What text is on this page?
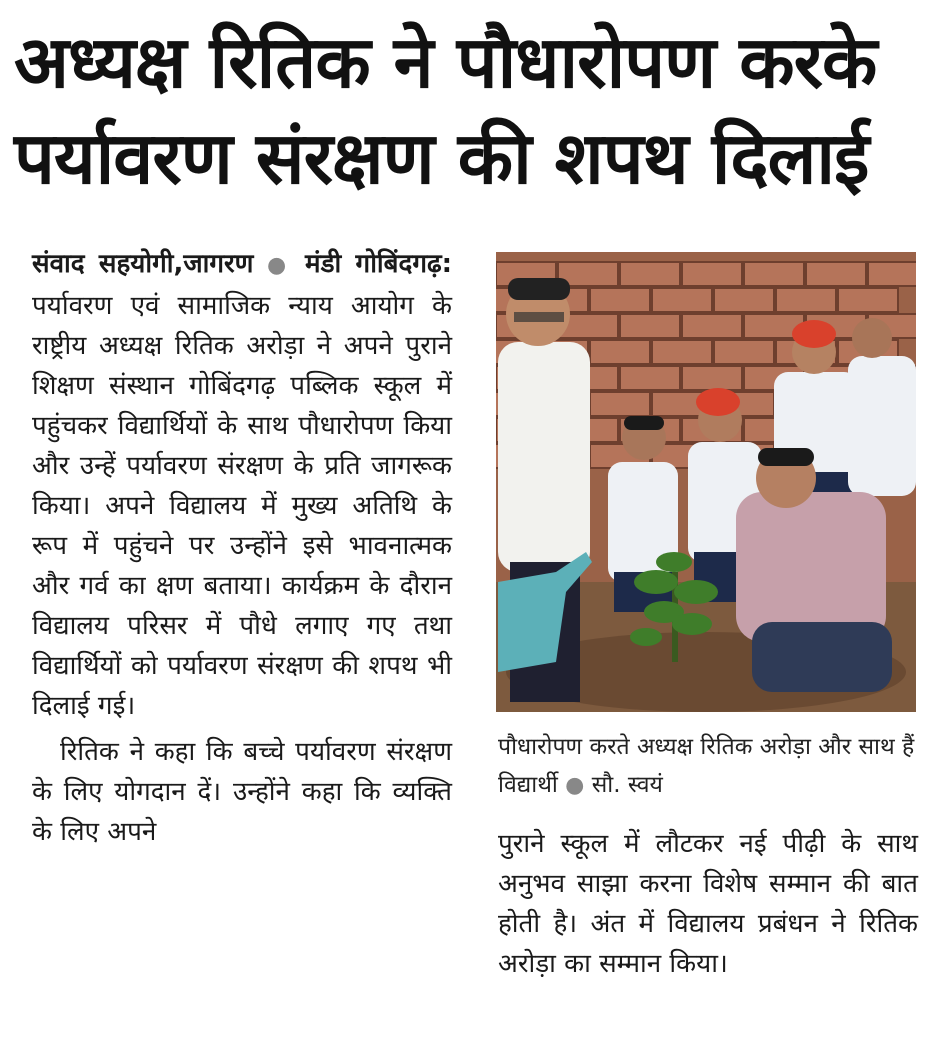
अध्यक्ष रितिक ने पौधारोपण करके
पर्यावरण संरक्षण की शपथ दिलाई

संवाद सहयोगी,जागरण ● मंडी गोबिंदगढ़: पर्यावरण एवं सामाजिक न्याय आयोग के राष्ट्रीय अध्यक्ष रितिक अरोड़ा ने अपने पुराने शिक्षण संस्थान गोबिंदगढ़ पब्लिक स्कूल में पहुंचकर विद्यार्थियों के साथ पौधारोपण किया और उन्हें पर्यावरण संरक्षण के प्रति जागरूक किया। अपने विद्यालय में मुख्य अतिथि के रूप में पहुंचने पर उन्होंने इसे भावनात्मक और गर्व का क्षण बताया। कार्यक्रम के दौरान विद्यालय परिसर में पौधे लगाए गए तथा विद्यार्थियों को पर्यावरण संरक्षण की शपथ भी दिलाई गई।

रितिक ने कहा कि बच्चे पर्यावरण संरक्षण के लिए योगदान दें। उन्होंने कहा कि व्यक्ति के लिए अपने

पौधारोपण करते अध्यक्ष रितिक अरोड़ा और साथ हैं विद्यार्थी ● सौ. स्वयं

पुराने स्कूल में लौटकर नई पीढ़ी के साथ अनुभव साझा करना विशेष सम्मान की बात होती है। अंत में विद्यालय प्रबंधन ने रितिक अरोड़ा का सम्मान किया।
